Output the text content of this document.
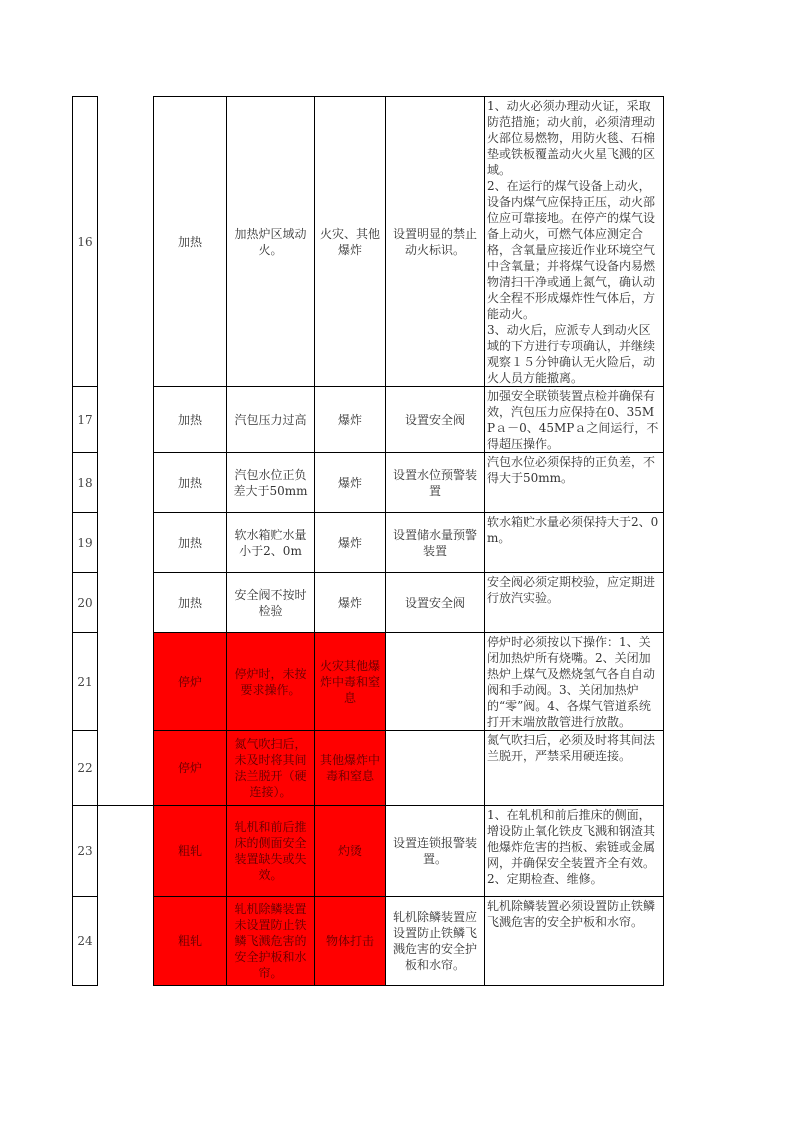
16		加热	加热炉区域动火。	火灾、其他爆炸	设置明显的禁止动火标识。	1、动火必须办理动火证，采取防范措施；动火前，必须清理动火部位易燃物，用防火毯、石棉垫或铁板覆盖动火火星飞溅的区域。
2、在运行的煤气设备上动火，设备内煤气应保持正压，动火部位应可靠接地。在停产的煤气设备上动火，可燃气体应测定合格，含氧量应接近作业环境空气中含氧量；并将煤气设备内易燃物清扫干净或通上氮气，确认动火全程不形成爆炸性气体后，方能动火。
3、动火后，应派专人到动火区域的下方进行专项确认，并继续观察１５分钟确认无火险后，动火人员方能撤离。

17		加热	汽包压力过高	爆炸	设置安全阀	加强安全联锁装置点检并确保有效，汽包压力应保持在0、35MPａ－0、45MPａ之间运行，不得超压操作。

18		加热	汽包水位正负差大于50mm	爆炸	设置水位预警装置	汽包水位必须保持的正负差，不得大于50mm。

19		加热	软水箱贮水量小于2、0m	爆炸	设置储水量预警装置	软水箱贮水量必须保持大于2、0m。

20		加热	安全阀不按时检验	爆炸	设置安全阀	安全阀必须定期校验，应定期进行放汽实验。

21		停炉	停炉时，未按要求操作。	火灾其他爆炸中毒和窒息		停炉时必须按以下操作：1、关闭加热炉所有烧嘴。2、关闭加热炉上煤气及燃烧氢气各自自动阀和手动阀。3、关闭加热炉的“零”阀。4、各煤气管道系统打开末端放散管进行放散。

22		停炉	氮气吹扫后，未及时将其间法兰脱开（硬连接）。	其他爆炸中毒和窒息		氮气吹扫后，必须及时将其间法兰脱开，严禁采用硬连接。

23		粗轧	轧机和前后推床的侧面安全装置缺失或失效。	灼烫	设置连锁报警装置。	1、在轧机和前后推床的侧面，增设防止氧化铁皮飞溅和钢渣其他爆炸危害的挡板、索链或金属网，并确保安全装置齐全有效。
2、定期检查、维修。

24		粗轧	轧机除鳞装置未设置防止铁鳞飞溅危害的安全护板和水帘。	物体打击	轧机除鳞装置应设置防止铁鳞飞溅危害的安全护板和水帘。	轧机除鳞装置必须设置防止铁鳞飞溅危害的安全护板和水帘。
